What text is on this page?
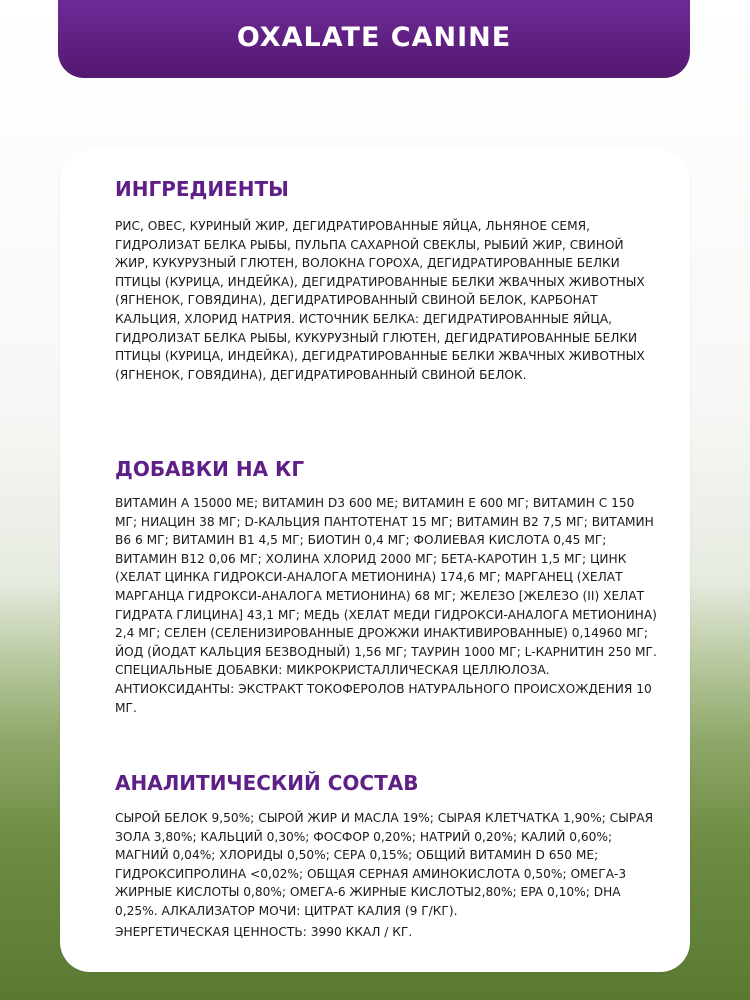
OXALATE CANINE
ИНГРЕДИЕНТЫ

РИС, ОВЕС, КУРИНЫЙ ЖИР, ДЕГИДРАТИРОВАННЫЕ ЯЙЦА, ЛЬНЯНОЕ СЕМЯ, ГИДРОЛИЗАТ БЕЛКА РЫБЫ, ПУЛЬПА САХАРНОЙ СВЕКЛЫ, РЫБИЙ ЖИР, СВИНОЙ ЖИР, КУКУРУЗНЫЙ ГЛЮТЕН, ВОЛОКНА ГОРОХА, ДЕГИДРАТИРОВАННЫЕ БЕЛКИ ПТИЦЫ (КУРИЦА, ИНДЕЙКА), ДЕГИДРАТИРОВАННЫЕ БЕЛКИ ЖВАЧНЫХ ЖИВОТНЫХ (ЯГНЕНОК, ГОВЯДИНА), ДЕГИДРАТИРОВАННЫЙ СВИНОЙ БЕЛОК, КАРБОНАТ КАЛЬЦИЯ, ХЛОРИД НАТРИЯ. ИСТОЧНИК БЕЛКА: ДЕГИДРАТИРОВАННЫЕ ЯЙЦА, ГИДРОЛИЗАТ БЕЛКА РЫБЫ, КУКУРУЗНЫЙ ГЛЮТЕН, ДЕГИДРАТИРОВАННЫЕ БЕЛКИ ПТИЦЫ (КУРИЦА, ИНДЕЙКА), ДЕГИДРАТИРОВАННЫЕ БЕЛКИ ЖВАЧНЫХ ЖИВОТНЫХ (ЯГНЕНОК, ГОВЯДИНА), ДЕГИДРАТИРОВАННЫЙ СВИНОЙ БЕЛОК.

ДОБАВКИ НА КГ

ВИТАМИН А 15000 МЕ; ВИТАМИН D3 600 МЕ; ВИТАМИН Е 600 МГ; ВИТАМИН С 150 МГ; НИАЦИН 38 МГ; D-КАЛЬЦИЯ ПАНТОТЕНАТ 15 МГ; ВИТАМИН В2 7,5 МГ; ВИТАМИН В6 6 МГ; ВИТАМИН В1 4,5 МГ; БИОТИН 0,4 МГ; ФОЛИЕВАЯ КИСЛОТА 0,45 МГ; ВИТАМИН В12 0,06 МГ; ХОЛИНА ХЛОРИД 2000 МГ; БЕТА-КАРОТИН 1,5 МГ; ЦИНК (ХЕЛАТ ЦИНКА ГИДРОКСИ-АНАЛОГА МЕТИОНИНА) 174,6 МГ; МАРГАНЕЦ (ХЕЛАТ МАРГАНЦА ГИДРОКСИ-АНАЛОГА МЕТИОНИНА) 68 МГ; ЖЕЛЕЗО [ЖЕЛЕЗО (II) ХЕЛАТ ГИДРАТА ГЛИЦИНА] 43,1 МГ; МЕДЬ (ХЕЛАТ МЕДИ ГИДРОКСИ-АНАЛОГА МЕТИОНИНА) 2,4 МГ; СЕЛЕН (СЕЛЕНИЗИРОВАННЫЕ ДРОЖЖИ ИНАКТИВИРОВАННЫЕ) 0,14960 МГ; ЙОД (ЙОДАТ КАЛЬЦИЯ БЕЗВОДНЫЙ) 1,56 МГ; ТАУРИН 1000 МГ; L-КАРНИТИН 250 МГ. СПЕЦИАЛЬНЫЕ ДОБАВКИ: МИКРОКРИСТАЛЛИЧЕСКАЯ ЦЕЛЛЮЛОЗА. АНТИОКСИДАНТЫ: ЭКСТРАКТ ТОКОФЕРОЛОВ НАТУРАЛЬНОГО ПРОИСХОЖДЕНИЯ 10 МГ.

АНАЛИТИЧЕСКИЙ СОСТАВ

СЫРОЙ БЕЛОК 9,50%; СЫРОЙ ЖИР И МАСЛА 19%; СЫРАЯ КЛЕТЧАТКА 1,90%; СЫРАЯ ЗОЛА 3,80%; КАЛЬЦИЙ 0,30%; ФОСФОР 0,20%; НАТРИЙ 0,20%; КАЛИЙ 0,60%; МАГНИЙ 0,04%; ХЛОРИДЫ 0,50%; СЕРА 0,15%; ОБЩИЙ ВИТАМИН D 650 МЕ; ГИДРОКСИПРОЛИНА <0,02%; ОБЩАЯ СЕРНАЯ АМИНОКИСЛОТА 0,50%; ОМЕГА-3 ЖИРНЫЕ КИСЛОТЫ 0,80%; ОМЕГА-6 ЖИРНЫЕ КИСЛОТЫ2,80%; EPA 0,10%; DHA 0,25%. АЛКАЛИЗАТОР МОЧИ: ЦИТРАТ КАЛИЯ (9 Г/КГ).

ЭНЕРГЕТИЧЕСКАЯ ЦЕННОСТЬ: 3990 ККАЛ / КГ.
